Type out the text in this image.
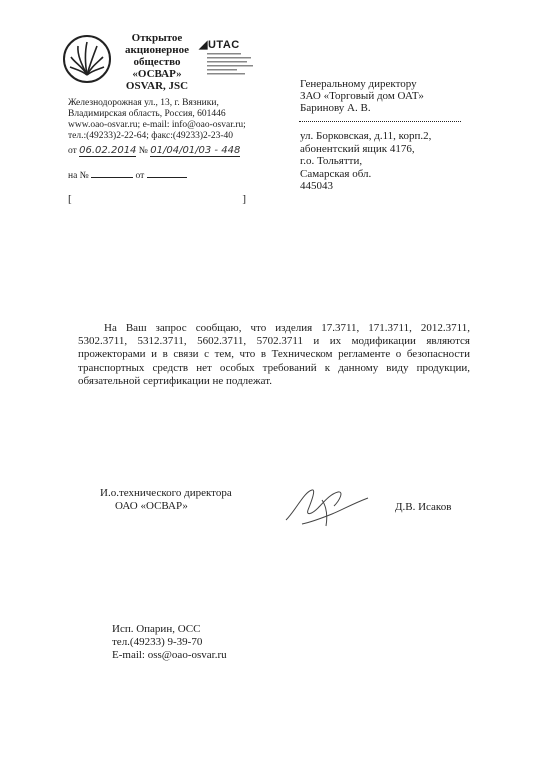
Открытое
акционерное
общество
«ОСВАР»
OSVAR, JSC
◢UTAC
Железнодорожная ул., 13, г. Вязники,
Владимирская область, Россия, 601446
www.oao-osvar.ru; e-mail: info@oao-osvar.ru;
тел.:(49233)2-22-64; факс:(49233)2-23-40
от 06.02.2014 № 01/04/01/03 - 448
на №	от
[	]
Генеральному директору
ЗАО «Торговый дом ОАТ»
Баринову А. В.
ул. Борковская, д.11, корп.2,
абонентский ящик 4176,
г.о. Тольятти,
Самарская обл.
445043

На Ваш запрос сообщаю, что изделия 17.3711, 171.3711, 2012.3711, 5302.3711, 5312.3711, 5602.3711, 5702.3711 и их модификации являются прожекторами и в связи с тем, что в Техническом регламенте о безопасности транспортных средств нет особых требований к данному виду продукции, обязательной сертификации не подлежат.

И.о.технического директора
ОАО «ОСВАР»	Д.В. Исаков
Исп. Опарин, ОСС
тел.(49233) 9-39-70
E-mail: oss@oao-osvar.ru
